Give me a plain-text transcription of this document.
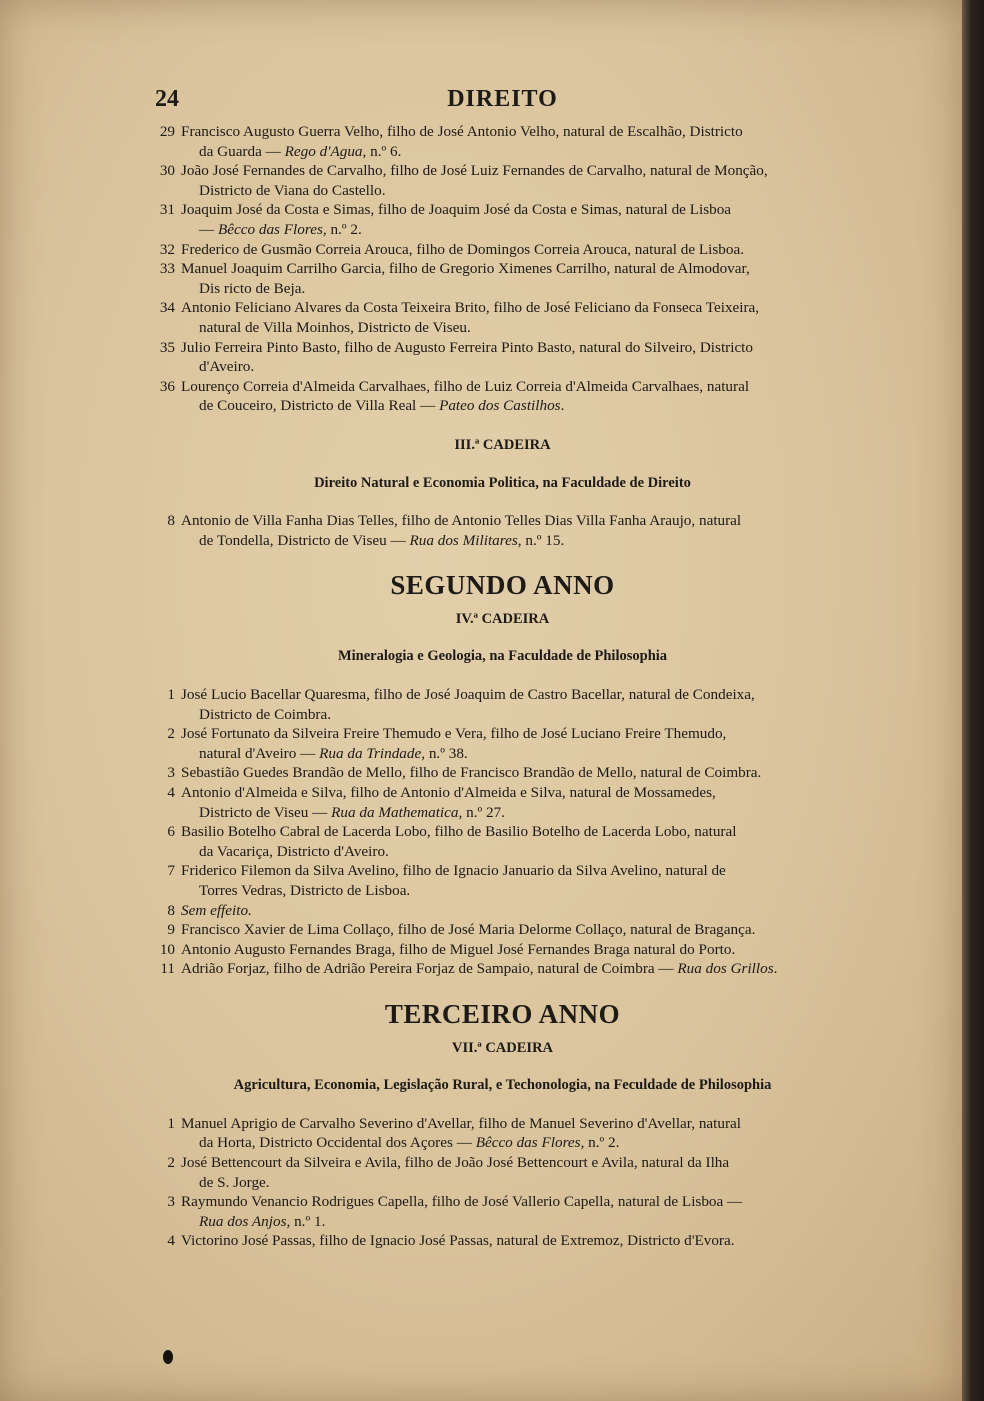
24	DIREITO
29 Francisco Augusto Guerra Velho, filho de José Antonio Velho, natural de Escalhão, Districto
da Guarda — Rego d'Agua, n.º 6.
30 João José Fernandes de Carvalho, filho de José Luiz Fernandes de Carvalho, natural de Monção,
Districto de Viana do Castello.
31 Joaquim José da Costa e Simas, filho de Joaquim José da Costa e Simas, natural de Lisboa
— Bêcco das Flores, n.º 2.
32 Frederico de Gusmão Correia Arouca, filho de Domingos Correia Arouca, natural de Lisboa.
33 Manuel Joaquim Carrilho Garcia, filho de Gregorio Ximenes Carrilho, natural de Almodovar,
Dis ricto de Beja.
34 Antonio Feliciano Alvares da Costa Teixeira Brito, filho de José Feliciano da Fonseca Teixeira,
natural de Villa Moinhos, Districto de Viseu.
35 Julio Ferreira Pinto Basto, filho de Augusto Ferreira Pinto Basto, natural do Silveiro, Districto
d'Aveiro.
36 Lourenço Correia d'Almeida Carvalhaes, filho de Luiz Correia d'Almeida Carvalhaes, natural
de Couceiro, Districto de Villa Real — Pateo dos Castilhos.
III.ª CADEIRA
Direito Natural e Economia Politica, na Faculdade de Direito
8 Antonio de Villa Fanha Dias Telles, filho de Antonio Telles Dias Villa Fanha Araujo, natural
de Tondella, Districto de Viseu — Rua dos Militares, n.º 15.
SEGUNDO ANNO
IV.ª CADEIRA
Mineralogia e Geologia, na Faculdade de Philosophia
1 José Lucio Bacellar Quaresma, filho de José Joaquim de Castro Bacellar, natural de Condeixa,
Districto de Coimbra.
2 José Fortunato da Silveira Freire Themudo e Vera, filho de José Luciano Freire Themudo,
natural d'Aveiro — Rua da Trindade, n.º 38.
3 Sebastião Guedes Brandão de Mello, filho de Francisco Brandão de Mello, natural de Coimbra.
4 Antonio d'Almeida e Silva, filho de Antonio d'Almeida e Silva, natural de Mossamedes,
Districto de Viseu — Rua da Mathematica, n.º 27.
6 Basilio Botelho Cabral de Lacerda Lobo, filho de Basilio Botelho de Lacerda Lobo, natural
da Vacariça, Districto d'Aveiro.
7 Friderico Filemon da Silva Avelino, filho de Ignacio Januario da Silva Avelino, natural de
Torres Vedras, Districto de Lisboa.
8 Sem effeito.
9 Francisco Xavier de Lima Collaço, filho de José Maria Delorme Collaço, natural de Bragança.
10 Antonio Augusto Fernandes Braga, filho de Miguel José Fernandes Braga natural do Porto.
11 Adrião Forjaz, filho de Adrião Pereira Forjaz de Sampaio, natural de Coimbra — Rua dos Grillos.
TERCEIRO ANNO
VII.ª CADEIRA
Agricultura, Economia, Legislação Rural, e Techonologia, na Feculdade de Philosophia
1 Manuel Aprigio de Carvalho Severino d'Avellar, filho de Manuel Severino d'Avellar, natural
da Horta, Districto Occidental dos Açores — Bêcco das Flores, n.º 2.
2 José Bettencourt da Silveira e Avila, filho de João José Bettencourt e Avila, natural da Ilha
de S. Jorge.
3 Raymundo Venancio Rodrigues Capella, filho de José Vallerio Capella, natural de Lisboa —
Rua dos Anjos, n.º 1.
4 Victorino José Passas, filho de Ignacio José Passas, natural de Extremoz, Districto d'Evora.
